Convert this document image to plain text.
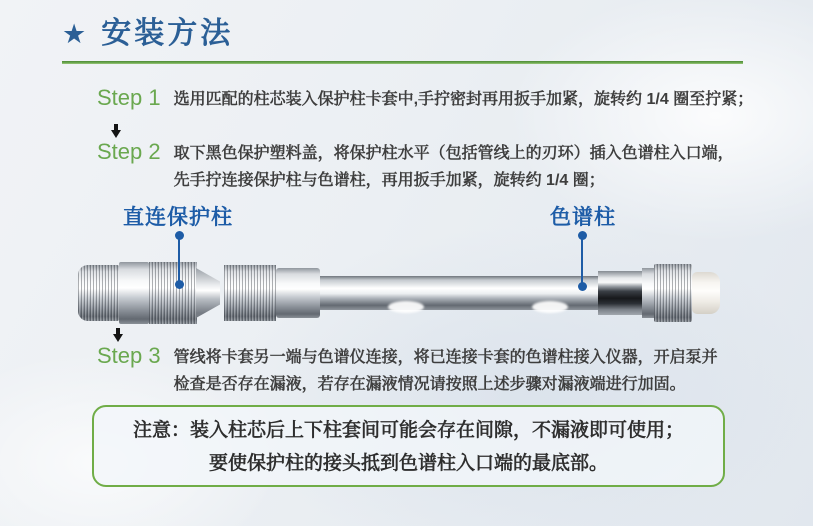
★ 安装方法
Step 1 选用匹配的柱芯装入保护柱卡套中,手拧密封再用扳手加紧，旋转约 1/4 圈至拧紧；
Step 2 取下黑色保护塑料盖，将保护柱水平（包括管线上的刃环）插入色谱柱入口端，
先手拧连接保护柱与色谱柱，再用扳手加紧，旋转约 1/4 圈；
直连保护柱	色谱柱
Step 3 管线将卡套另一端与色谱仪连接，将已连接卡套的色谱柱接入仪器，开启泵并
检查是否存在漏液，若存在漏液情况请按照上述步骤对漏液端进行加固。
注意：装入柱芯后上下柱套间可能会存在间隙，不漏液即可使用；
要使保护柱的接头抵到色谱柱入口端的最底部。
